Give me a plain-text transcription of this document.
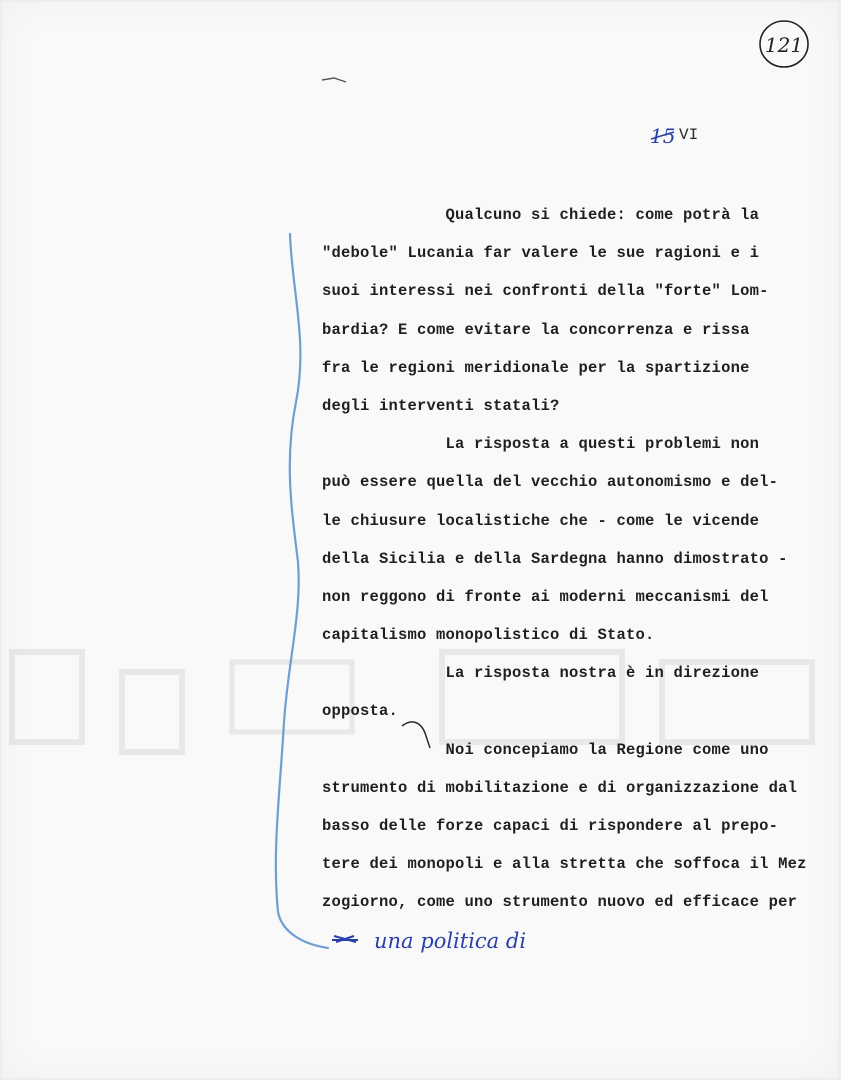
121
15 VI
Qualcuno si chiede: come potrà la
"debole" Lucania far valere le sue ragioni e i
suoi interessi nei confronti della "forte" Lom-
bardia? E come evitare la concorrenza e rissa
fra le regioni meridionale per la spartizione
degli interventi statali?
La risposta a questi problemi non
può essere quella del vecchio autonomismo e del-
le chiusure localistiche che - come le vicende
della Sicilia e della Sardegna hanno dimostrato -
non reggono di fronte ai moderni meccanismi del
capitalismo monopolistico di Stato.
La risposta nostra è in direzione
opposta.
Noi concepiamo la Regione come uno
strumento di mobilitazione e di organizzazione dal
basso delle forze capaci di rispondere al prepo-
tere dei monopoli e alla stretta che soffoca il Mez
zogiorno, come uno strumento nuovo ed efficace per
una politica di
